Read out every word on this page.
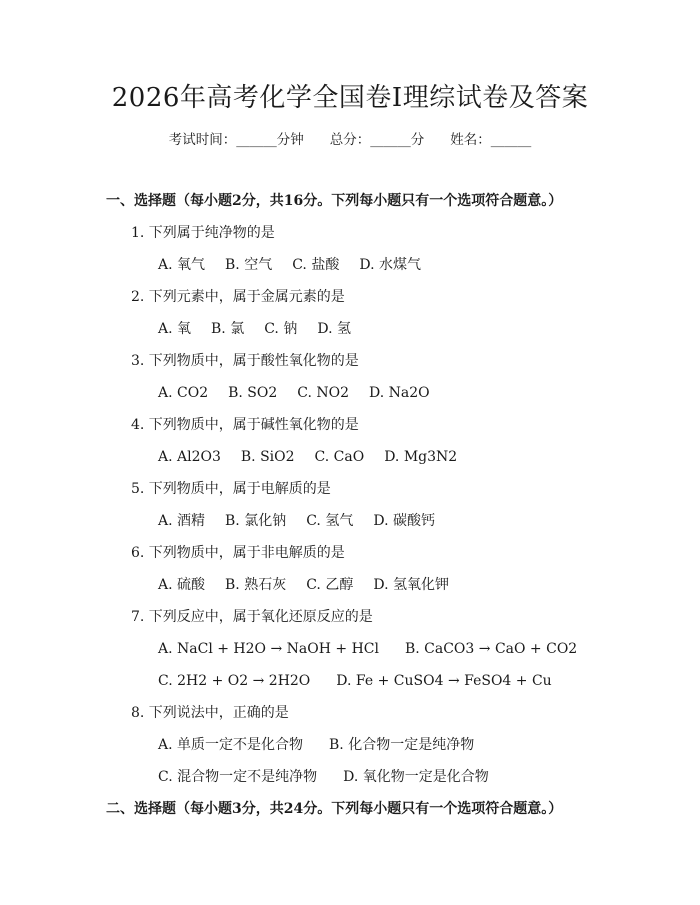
2026年高考化学全国卷Ⅰ理综试卷及答案
考试时间：______分钟 总分：______分 姓名：______
一、选择题（每小题2分，共16分。下列每小题只有一个选项符合题意。）
1. 下列属于纯净物的是
A. 氧气 B. 空气 C. 盐酸 D. 水煤气
2. 下列元素中，属于金属元素的是
A. 氧 B. 氯 C. 钠 D. 氢
3. 下列物质中，属于酸性氧化物的是
A. CO2 B. SO2 C. NO2 D. Na2O
4. 下列物质中，属于碱性氧化物的是
A. Al2O3 B. SiO2 C. CaO D. Mg3N2
5. 下列物质中，属于电解质的是
A. 酒精 B. 氯化钠 C. 氢气 D. 碳酸钙
6. 下列物质中，属于非电解质的是
A. 硫酸 B. 熟石灰 C. 乙醇 D. 氢氧化钾
7. 下列反应中，属于氧化还原反应的是
A. NaCl + H2O → NaOH + HCl B. CaCO3 → CaO + CO2
C. 2H2 + O2 → 2H2O D. Fe + CuSO4 → FeSO4 + Cu
8. 下列说法中，正确的是
A. 单质一定不是化合物 B. 化合物一定是纯净物
C. 混合物一定不是纯净物 D. 氧化物一定是化合物
二、选择题（每小题3分，共24分。下列每小题只有一个选项符合题意。）
